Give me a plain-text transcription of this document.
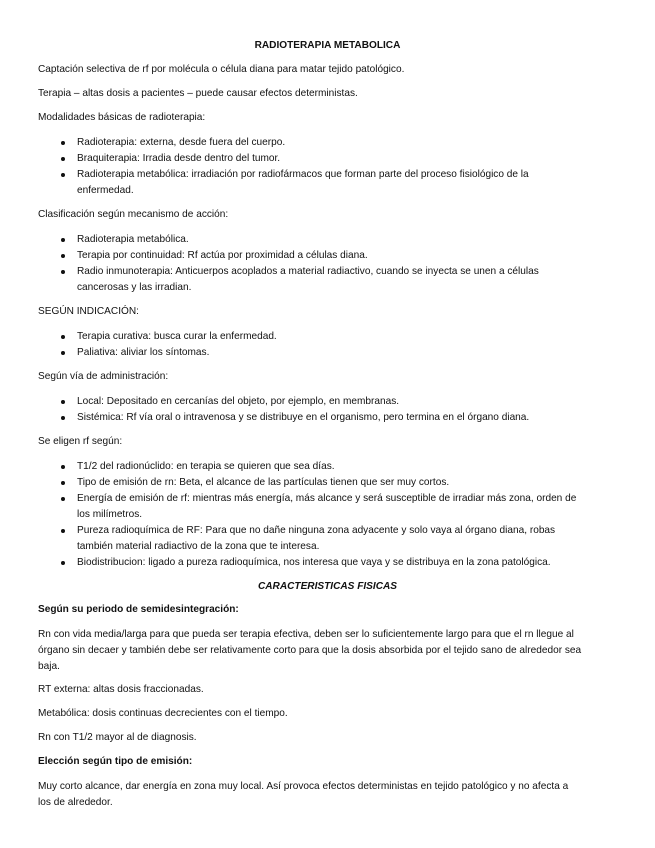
RADIOTERAPIA METABOLICA
Captación selectiva de rf por molécula o célula diana para matar tejido patológico.
Terapia – altas dosis a pacientes – puede causar efectos deterministas.
Modalidades básicas de radioterapia:
Radioterapia: externa, desde fuera del cuerpo.
Braquiterapia: Irradia desde dentro del tumor.
Radioterapia metabólica: irradiación por radiofármacos que forman parte del proceso fisiológico de la
enfermedad.
Clasificación según mecanismo de acción:
Radioterapia metabólica.
Terapia por continuidad: Rf actúa por proximidad a células diana.
Radio inmunoterapia: Anticuerpos acoplados a material radiactivo, cuando se inyecta se unen a células
cancerosas y las irradian.
SEGÚN INDICACIÓN:
Terapia curativa: busca curar la enfermedad.
Paliativa: aliviar los síntomas.
Según vía de administración:
Local: Depositado en cercanías del objeto, por ejemplo, en membranas.
Sistémica: Rf vía oral o intravenosa y se distribuye en el organismo, pero termina en el órgano diana.
Se eligen rf según:
T1/2 del radionúclido: en terapia se quieren que sea días.
Tipo de emisión de rn: Beta, el alcance de las partículas tienen que ser muy cortos.
Energía de emisión de rf: mientras más energía, más alcance y será susceptible de irradiar más zona, orden de
los milímetros.
Pureza radioquímica de RF: Para que no dañe ninguna zona adyacente y solo vaya al órgano diana, robas
también material radiactivo de la zona que te interesa.
Biodistribucion: ligado a pureza radioquímica, nos interesa que vaya y se distribuya en la zona patológica.
CARACTERISTICAS FISICAS
Según su periodo de semidesintegración:
Rn con vida media/larga para que pueda ser terapia efectiva, deben ser lo suficientemente largo para que el rn llegue al
órgano sin decaer y también debe ser relativamente corto para que la dosis absorbida por el tejido sano de alrededor sea
baja.
RT externa: altas dosis fraccionadas.
Metabólica: dosis continuas decrecientes con el tiempo.
Rn con T1/2 mayor al de diagnosis.
Elección según tipo de emisión:
Muy corto alcance, dar energía en zona muy local. Así provoca efectos deterministas en tejido patológico y no afecta a
los de alrededor.
